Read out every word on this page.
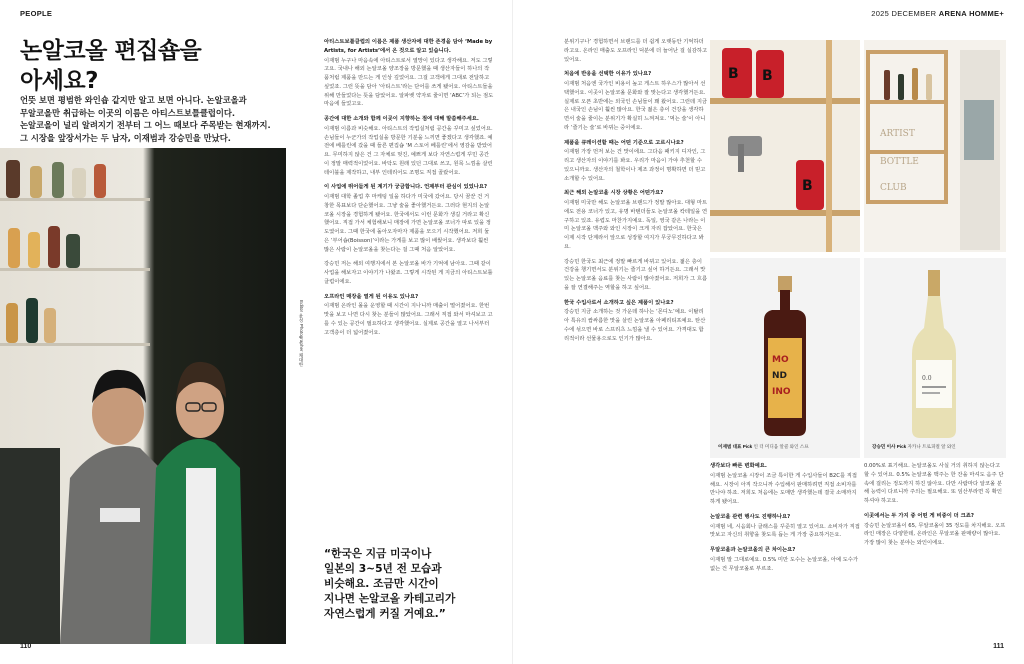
PEOPLE	2025 DECEMBER ARENA HOMME+
논알코올 편집숍을
아세요?
언뜻 보면 평범한 와인숍 같지만 알고 보면 아니다. 논알코올과
무알코올만 취급하는 이곳의 이름은 아티스트보틀클럽이다.
논알코올이 널리 알려지기 전부터 그 어느 때보다 주목받는 현재까지.
그 시장을 앞장서가는 두 남자, 이재범과 강승민을 만났다.
Editor 윤성 Photographer 채대한

아티스트보틀클럽의 이름은 제품 생산자에 대한 존경을 담아 ‘Made by Artists, for Artists’에서 온 것으로 알고 있습니다.

이재범 누구나 마음속에 아티스트로서 열망이 있다고 생각해요. 저도 그렇고요. 국내나 해외 논알코올 양조장을 방문했을 때 생산자들이 하나의 작품처럼 제품을 만드는 게 인상 깊었어요. 그걸 고객에게 그대로 전달하고 싶었죠. 그런 뜻을 담아 ‘아티스트’라는 단어를 쓰게 됐어요. 아티스트들을 위해 만들었다는 뜻을 담았어요. 알파벳 약자로 줄이면 ‘ABC’가 되는 점도 마음에 들었고요.

공간에 대한 소개와 함께 이곳이 지향하는 점에 대해 말씀해주세요.

이재범 이름과 비슷해요. 아티스트의 작업실처럼 공간을 꾸미고 싶었어요. 손님들이 누군가의 작업실을 방문한 기분을 느끼면 좋겠다고 생각했죠. 예전에 베를린에 갔을 때 들른 편집숍 ‘M 스토어 베를린’에서 영감을 받았어요. 무미하지 않은 건 그 자체로 멋진, 예쁘게 보다 자연스럽게 꾸민 공간이 정말 매력적이었어요. 바닥도 원래 있던 그대로 쓰고, 원목 느낌을 살린 테이블을 제작하고, 내부 인테리어도 조명도 직접 골랐어요.

이 사업에 뛰어들게 된 계기가 궁금합니다. 언제부터 관심이 있었나요?

이재범 대학 졸업 후 마케팅 일을 하다가 미국에 갔어요. 당시 꿈꾼 건 거창한 목표보다 단순했어요. 그냥 술을 좋아했거든요. 그러다 현지의 논알코올 시장을 경험하게 됐어요. 한국에서도 이런 문화가 생길 거라고 확신했어요. 직접 가서 체험해보니 매장에 가면 논알코올 코너가 따로 있을 정도였어요. 그때 한국에 돌아오자마자 제품을 모으기 시작했어요. 저희 둘은 ‘부어숍(Boisson)’이라는 가게를 보고 많이 배웠어요. 생각보다 훨씬 많은 사람이 논알코올을 찾는다는 걸 그때 처음 알았어요.

강승민 저는 해외 여행지에서 본 논알코올 바가 기억에 남아요. 그때 같이 사업을 해보자고 이야기가 나왔죠. 그렇게 시작된 게 지금의 아티스트보틀클럽이에요.

오프라인 매장을 열게 된 이유도 있나요?

이재범 온라인 몰을 운영할 때 시간이 지나니까 매출이 떨어졌어요. 한번 맛을 보고 나면 다시 찾는 분들이 많았어요. 그래서 직접 와서 마셔보고 고를 수 있는 공간이 필요하다고 생각했어요. 실제로 공간을 열고 나서부터 고객층이 더 넓어졌어요.

“한국은 지금 미국이나
일본의 3~5년 전 모습과
비슷해요. 조금만 시간이
지나면 논알코올 카테고리가
자연스럽게 커질 거예요.”

분위기구나’ 경험하면서 브랜드를 더 쉽게 오랫동안 기억하더라고요. 온라인 매출도 오프라인 덕분에 더 늘어난 걸 실감하고 있어요.

처음에 반응을 선택한 이유가 있나요?

이재범 처음엔 국가인 비용이 높고 게스트 하우스가 많아서 선택했어요. 이곳이 논알코올 문화와 잘 맞는다고 생각했거든요. 실제로 오픈 초반에는 외국인 손님들이 꽤 왔어요. 그런데 지금은 내국인 손님이 훨씬 많아요. 한국 젊은 층이 건강을 생각하면서 술을 줄이는 분위기가 확실히 느껴져요. ‘먹는 술’이 아니라 ‘즐기는 술’로 바뀌는 중이에요.

제품을 큐레이션할 때는 어떤 기준으로 고르시나요?

이재범 가장 먼저 보는 건 맛이에요. 그다음 패키지 디자인, 그리고 생산자의 이야기를 봐요. 우리가 마음이 가야 추천할 수 있으니까요. 생산자의 철학이나 제조 과정이 명확하면 더 믿고 소개할 수 있어요.

최근 해외 논알코올 시장 상황은 어떤가요?

이재범 미국만 해도 논알코올 브랜드가 정말 많아요. 대형 마트에도 전용 코너가 있고, 유명 바텐더들도 논알코올 칵테일을 연구하고 있죠. 유럽도 마찬가지예요. 독일, 영국 같은 나라는 이미 논알코올 맥주와 와인 시장이 크게 자리 잡았어요. 한국은 이제 시작 단계라서 앞으로 성장할 여지가 무궁무진하다고 봐요.

강승민 한국도 최근에 정말 빠르게 바뀌고 있어요. 젊은 층이 건강을 챙기면서도 분위기는 즐기고 싶어 하거든요. 그래서 맛있는 논알코올 음료를 찾는 사람이 많아졌어요. 저희가 그 흐름을 잘 연결해주는 역할을 하고 싶어요.

한국 수입사로서 소개하고 싶은 제품이 있나요?

강승민 지금 소개하는 것 가운데 하나는 ‘몬디노’예요. 이탈리아 특유의 쌉싸름한 맛을 살린 논알코올 아페리티프예요. 탄산수에 섞으면 바로 스프리츠 느낌을 낼 수 있어요. 가격대도 합리적이라 선물용으로도 인기가 많아요.

B B
B
ARTIST
BOTTLE
CLUB
MO
ND
INO
이재범 대표 Pick 인 더 미디움 알콜 와인 스프
0.0
강승민 이사 Pick 자카나 트로피컬 알 와인

생각보다 빠른 변화예요.

이재범 논알코올 시장이 조금 특이한 게 수입사들이 B2C를 직접 해요. 시장이 아직 작으니까 수입해서 판매하려면 직접 소비자를 만나야 하죠. 저희도 처음에는 도매만 생각했는데 결국 소매까지 하게 됐어요.

논알코올 관련 행사도 진행하나요?

이재범 네, 시음회나 클래스를 꾸준히 열고 있어요. 소비자가 직접 맛보고 자신의 취향을 찾도록 돕는 게 가장 중요하거든요.

무알코올과 논알코올의 큰 차이는요?

이재범 말 그대로예요. 0.5% 미만 도수는 논알코올, 아예 도수가 없는 건 무알코올로 부르죠.

0.00%로 표기해요. 논알코올도 사실 거의 취하지 않는다고 할 수 있어요. 0.5% 논알코올 맥주는 한 잔을 마셔도 음주 단속에 걸리는 정도까지 하진 않아요. 다만 사람마다 알코올 분해 능력이 다르니까 주의는 필요해요. 또 임산부라면 꼭 확인하셔야 하고요.

이곳에서는 두 가지 중 어떤 게 비중이 더 크죠?

강승민 논알코올이 65, 무알코올이 35 정도를 차지해요. 오프라인 매장은 다양한데, 온라인은 무알코올 판매량이 많아요. 가장 많이 찾는 분야는 와인이에요.

110	111
